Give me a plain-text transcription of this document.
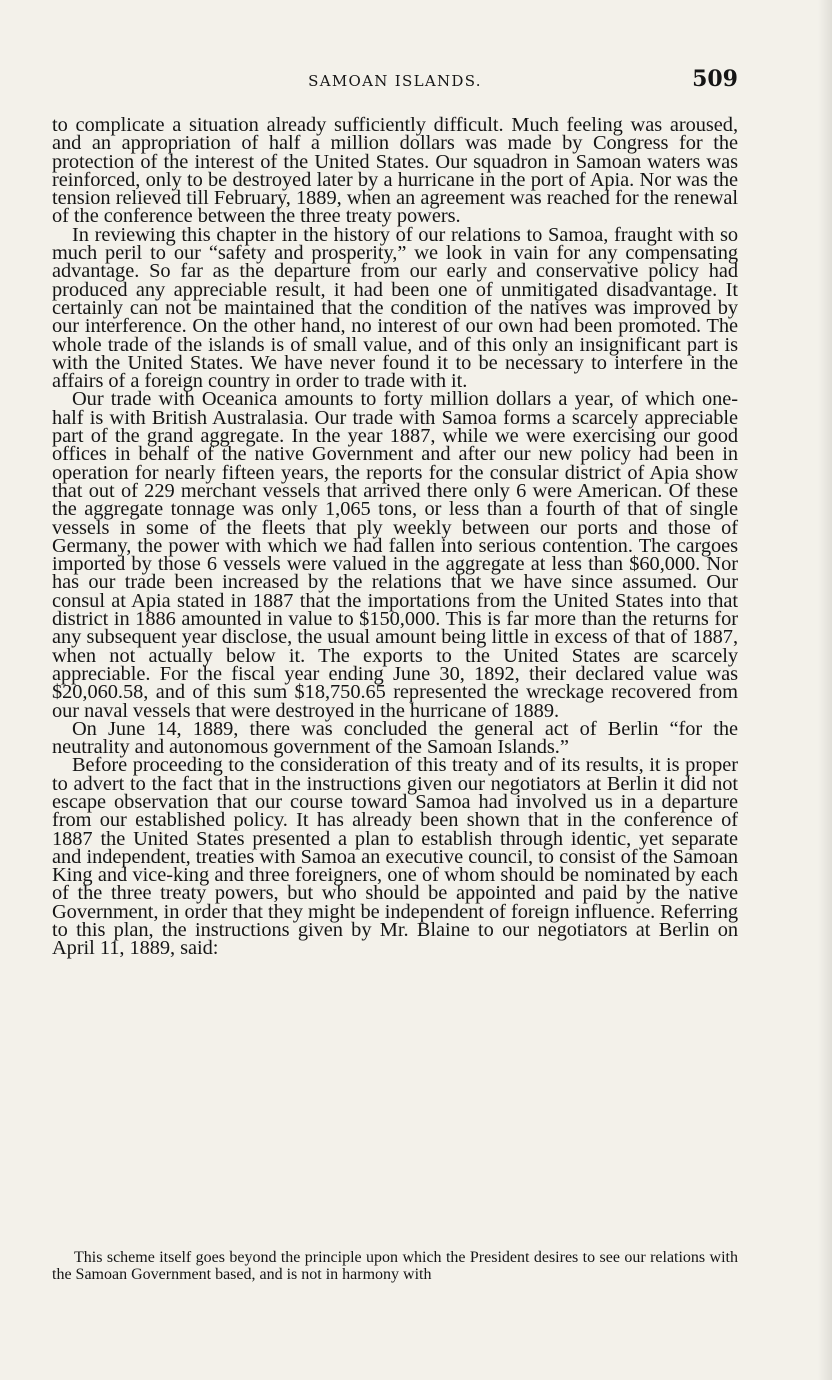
SAMOAN ISLANDS.	509

to complicate a situation already sufficiently difficult. Much feeling was aroused, and an appropriation of half a million dollars was made by Congress for the protection of the interest of the United States. Our squadron in Samoan waters was reinforced, only to be destroyed later by a hurricane in the port of Apia. Nor was the tension relieved till February, 1889, when an agreement was reached for the renewal of the conference between the three treaty powers.

In reviewing this chapter in the history of our relations to Samoa, fraught with so much peril to our “safety and prosperity,” we look in vain for any compensating advantage. So far as the departure from our early and conservative policy had produced any appreciable result, it had been one of unmitigated disadvantage. It certainly can not be maintained that the condition of the natives was improved by our interference. On the other hand, no interest of our own had been promoted. The whole trade of the islands is of small value, and of this only an insignificant part is with the United States. We have never found it to be necessary to interfere in the affairs of a foreign country in order to trade with it.

Our trade with Oceanica amounts to forty million dollars a year, of which one-half is with British Australasia. Our trade with Samoa forms a scarcely appreciable part of the grand aggregate. In the year 1887, while we were exercising our good offices in behalf of the native Government and after our new policy had been in operation for nearly fifteen years, the reports for the consular district of Apia show that out of 229 merchant vessels that arrived there only 6 were American. Of these the aggregate tonnage was only 1,065 tons, or less than a fourth of that of single vessels in some of the fleets that ply weekly between our ports and those of Germany, the power with which we had fallen into serious contention. The cargoes imported by those 6 vessels were valued in the aggregate at less than $60,000. Nor has our trade been increased by the relations that we have since assumed. Our consul at Apia stated in 1887 that the importations from the United States into that district in 1886 amounted in value to $150,000. This is far more than the returns for any subsequent year disclose, the usual amount being little in excess of that of 1887, when not actually below it. The exports to the United States are scarcely appreciable. For the fiscal year ending June 30, 1892, their declared value was $20,060.58, and of this sum $18,750.65 represented the wreckage recovered from our naval vessels that were destroyed in the hurricane of 1889.

On June 14, 1889, there was concluded the general act of Berlin “for the neutrality and autonomous government of the Samoan Islands.”

Before proceeding to the consideration of this treaty and of its results, it is proper to advert to the fact that in the instructions given our negotiators at Berlin it did not escape observation that our course toward Samoa had involved us in a departure from our established policy. It has already been shown that in the conference of 1887 the United States presented a plan to establish through identic, yet separate and independent, treaties with Samoa an executive council, to consist of the Samoan King and vice-king and three foreigners, one of whom should be nominated by each of the three treaty powers, but who should be appointed and paid by the native Government, in order that they might be independent of foreign influence. Referring to this plan, the instructions given by Mr. Blaine to our negotiators at Berlin on April 11, 1889, said:

This scheme itself goes beyond the principle upon which the President desires to see our relations with the Samoan Government based, and is not in harmony with
